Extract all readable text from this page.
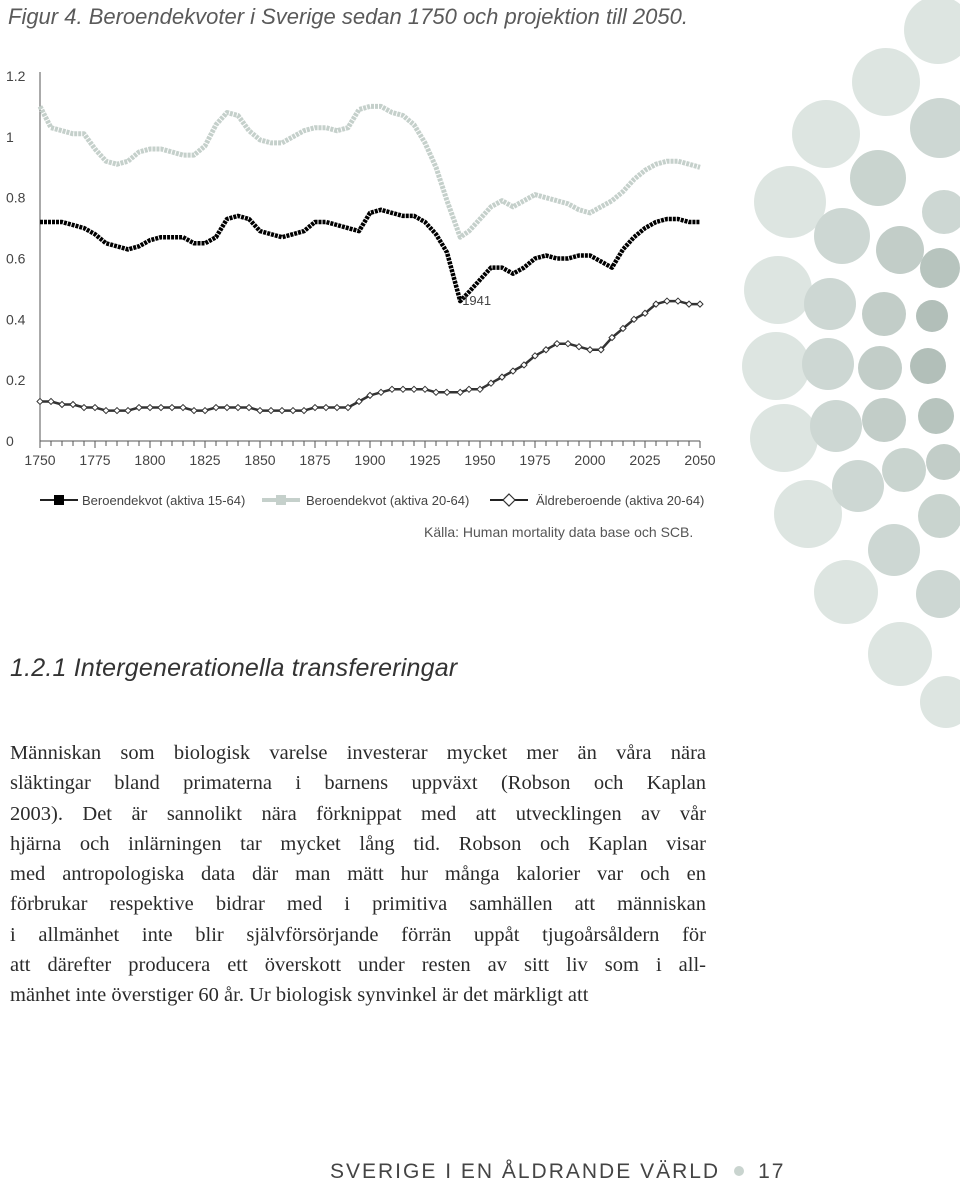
Figur 4. Beroendekvoter i Sverige sedan 1750 och projektion till 2050.
0
0.2
0.4
0.6
0.8
1
1.2
1750 1775 1800 1825 1850 1875 1900 1925 1950 1975 2000 2025 2050
1941
Beroendekvot (aktiva 15-64)	Beroendekvot (aktiva 20-64)	Äldreberoende (aktiva 20-64)
Källa: Human mortality data base och SCB.
1.2.1 Intergenerationella transfereringar
Människan som biologisk varelse investerar mycket mer än våra nära
släktingar bland primaterna i barnens uppväxt (Robson och Kaplan
2003). Det är sannolikt nära förknippat med att utvecklingen av vår
hjärna och inlärningen tar mycket lång tid. Robson och Kaplan visar
med antropologiska data där man mätt hur många kalorier var och en
förbrukar respektive bidrar med i primitiva samhällen att människan
i allmänhet inte blir självförsörjande förrän uppåt tjugoårsåldern för
att därefter producera ett överskott under resten av sitt liv som i all-
mänhet inte överstiger 60 år. Ur biologisk synvinkel är det märkligt att
SVERIGE I EN ÅLDRANDE VÄRLD 17
